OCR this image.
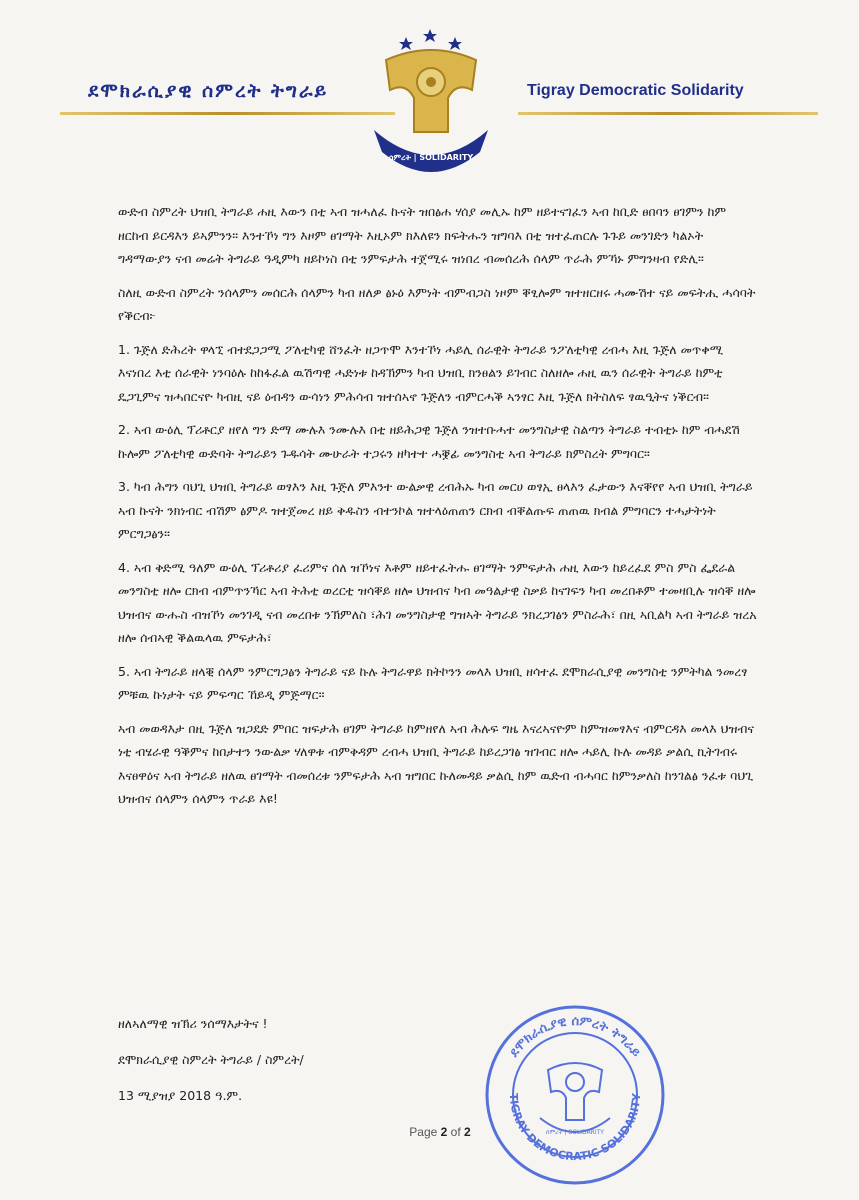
ደሞክራሲያዊ ሰምረት ትግራይ
ሰምረት | SOLIDARITY
Tigray Democratic Solidarity

ውድብ ስምረት ህዝቢ ትግራይ ሐዚ እውን በቲ ኣብ ዝሓለፈ ኩናት ዝበፅሐ ሃሰያ መሊኡ ከም ዘይተናገፈን ኣብ ከቢድ ፀበባን ፀገምን ከም ዘርከብ ይርዳእን ይኣምንን። እንተኾነ ግን እዞም ፀገማት እዚኦም ክእለዩን ክፍትሑን ዝግባእ በቲ ዝተፈጠርሉ ጉጉይ መንገድን ካልኦት ግዳማውያን ናብ መሬት ትግራይ ዓዲምካ ዘይኮነስ በቲ ንምፍታሕ ተጀሚሩ ዝነበረ ብመሰረሕ ሰላም ጥራሕ ምኻኑ ምግንዛብ የድሊ።

ስለዚ ውድብ ስምረት ንሰላምን መሰርሕ ሰላምን ካብ ዘለዎ ፅኑዕ እምነት ብምብጋስ ነዞም ቐፂሎም ዝተዘርዘሩ ሓሙሽተ ናይ መፍትሒ ሓሳባት የቕርብ፦

1. ጉጅለ ድሕረት ዋላኚ ብተደጋጋሚ ፖለቲካዊ ሸንፈት ዘጋጥሞ እንተኾነ ሓይሊ ሰራዊት ትግራይ ንፖለቲካዊ ረብሓ እዚ ጉጅለ መጥቀሚ እናነበረ እቲ ሰራዊት ነንባዕሉ ከከፋፈል ዉሽጣዊ ሓድነቱ ከዳኽምን ካብ ህዝቢ ክንፀልን ይገብር ስለዘሎ ሐዚ ዉን ሰራዊት ትግራይ ከምቲ ዴጋጊምና ዝሓበርናዮ ካብዚ ናይ ዕብዳን ውሳነን ምሕሳብ ዝተሰኣኖ ጉጅለን ብምርሓቕ ኣንፃር እዚ ጉጅለ ክትስለፍ ፃዉዒትና ነቕርብ።

2. ኣብ ውዕሊ ፕሪቶርያ ዘየለ ግን ድማ ሙሉእ ንሙሉእ በቲ ዘይሕጋዊ ጉጅለ ንዝተቡሓተ መንግስታዊ ስልጣን ትግራይ ተብቲኑ ከም ብሓደሽ ኩሎም ፖለቲካዊ ውድባት ትግራይን ጉዱሳት ሙሁራት ተጋሩን ዘካተተ ሓቛፊ መንግስቲ ኣብ ትግራይ ክምስረት ምግባር።

3. ካብ ሕግን ባህጊ ህዝቢ ትግራይ ወፃእን እዚ ጉጅለ ምእንተ ውልቃዊ ረብሕኡ ካብ መርሀ ወፃኢ ፀላእን ፈታውን እናቐየየ ኣብ ህዝቢ ትግራይ ኣብ ኩናት ንክነብር ብሽም ፅምዶ ዝተጀመረ ዘይ ቅዱስን ብተንኮል ዝተላዕጠጠን ርክብ ብቐልጡፍ ጠጠዉ ክብል ምግባርን ተሓታትነት ምርግጋፅን።

4. ኣብ ቅድሚ ዓለም ውዕሊ ፕሪቶሪያ ፈሪምና ሰለ ዝኾነና እቶም ዘይተፈትሑ ፀገማት ንምፍታሕ ሐዚ እውን ከይረፈደ ምስ ምስ ፌደራል መንግስቲ ዘሎ ርክብ ብምጥንኻር ኣብ ትሕቲ ወረርቲ ዝሳቐይ ዘሎ ህዝብና ካብ መዓልታዊ ስቃይ ከናገፍን ካብ መረበቶም ተመዛቢሉ ዝሳቐ ዘሎ ህዝብና ውሑስ ብዝኾነ መንገዲ ናብ መረበቱ ንኽምለስ ፣ሕገ መንግስታዊ ግዝኣት ትግራይ ንክረጋገፅን ምስራሕ፣ በዚ ኣቢልካ ኣብ ትግራይ ዝረአ ዘሎ ሰብኣዊ ቕልዉላዉ ምፍታሕ፣

5. ኣብ ትግራይ ዘላቒ ሰላም ንምርግጋፅን ትግራይ ናይ ኩሉ ትግራዋይ ክትኮንን መላእ ህዝቢ ዘሳተፈ ደሞክራሲያዊ መንግስቲ ንምትካል ንመረፃ ምቹዉ ኩነታት ናይ ምፍጣር ኸይዲ ምጅማር።

ኣብ መወዳእታ በዚ ጉጅለ ዝጋደድ ምበር ዝፍታሕ ፀገም ትግራይ ከምዘየለ ኣብ ሕሉፍ ግዜ እናረኣናዮም ከምዝመፃእና ብምርዳእ መላእ ህዝብና ነቲ ብሄራዊ ዓቕምና ከበታተን ንውልቃ ሃለዋቱ ብምቅዳም ረብሓ ህዝቢ ትግራይ ከይረጋገፅ ዝገብር ዘሎ ሓይሊ ኩሉ መዳይ ቃልሲ ኪትገብሩ እናፀዋዕና ኣብ ትግራይ ዘለዉ ፀገማት ብመሰረቱ ንምፍታሕ ኣብ ዝግበር ኩለመዳይ ቃልሲ ከም ዉድብ ብሓባር ከምንቃለስ ከንገልፅ ንፈቱ ባህጊ ህዝብና ሰላምን ሰላምን ጥራይ እዩ!

ዘለኣለማዊ ዝኽሪ ንሰማእታትና !
ደሞክራሲያዊ ስምረት ትግራይ / ስምረት/
13 ሚያዝያ 2018 ዓ.ም.
ደሞክራሲያዊ ሰምረት ትግራይ
TIGRAY DEMOCRATIC SOLIDARITY
ሰምረት | SOLIDARITY
Page 2 of 2
